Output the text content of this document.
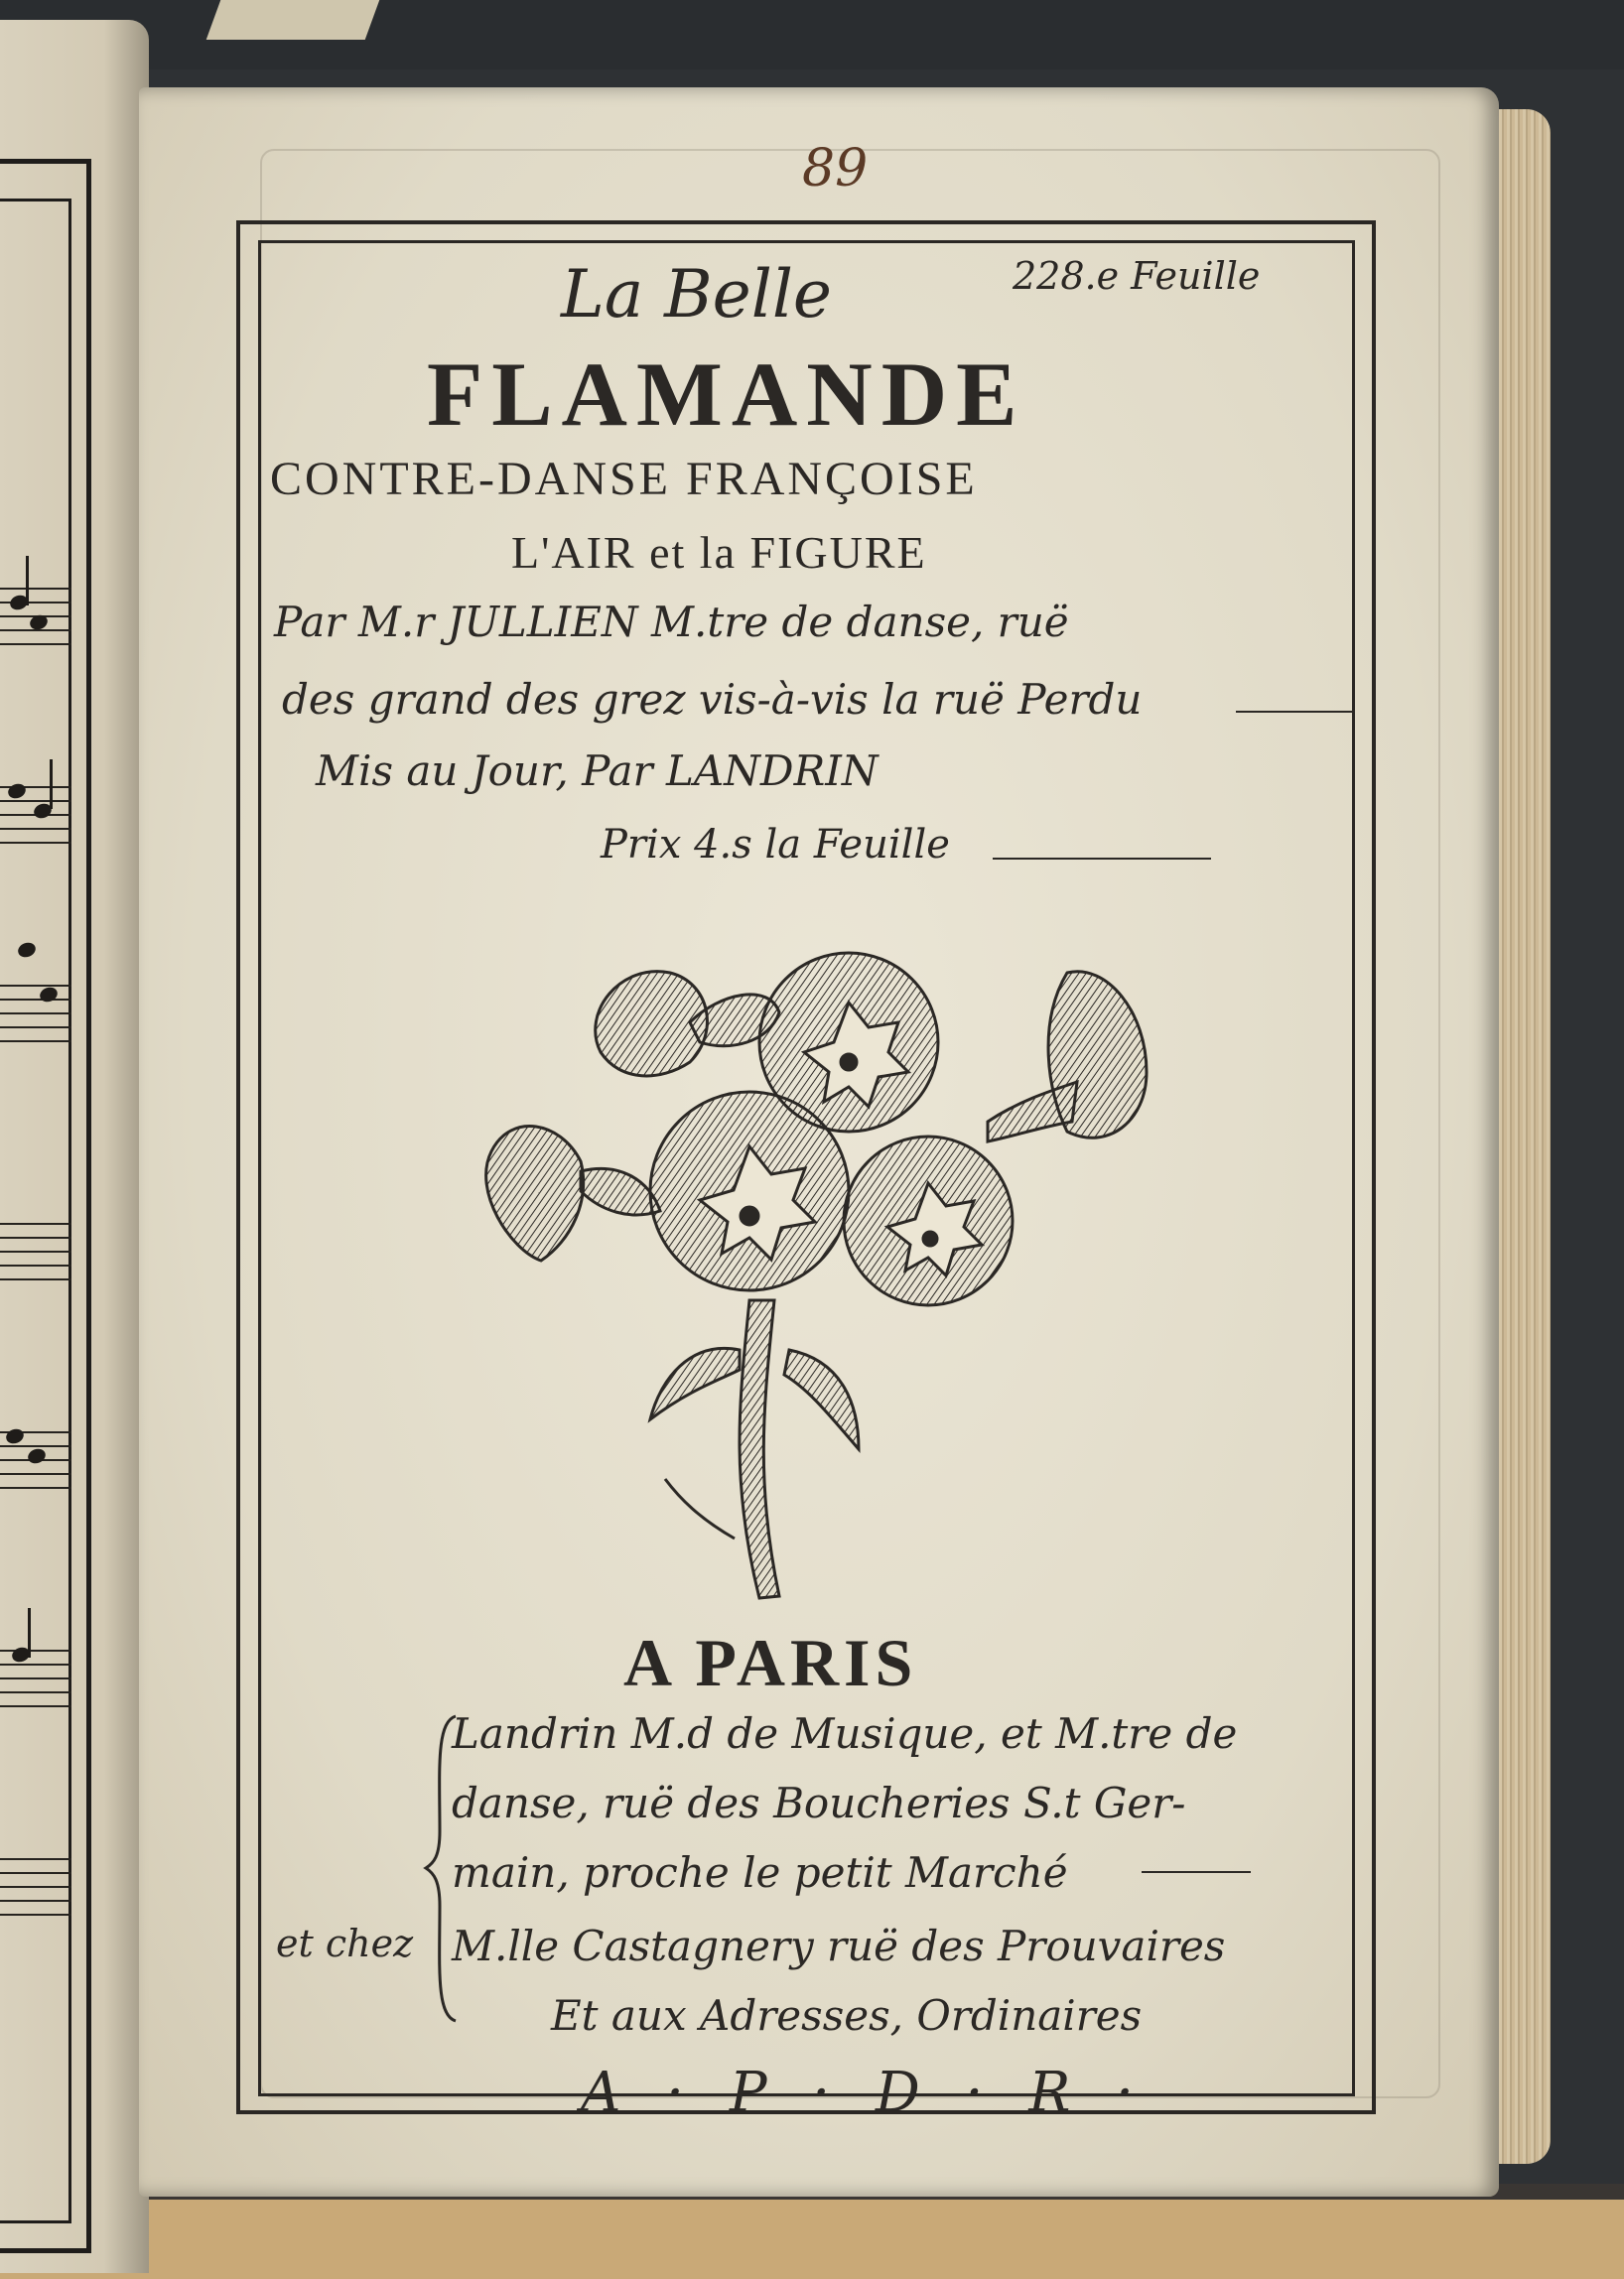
89
La Belle	228.e Feuille
FLAMANDE
CONTRE-DANSE FRANÇOISE
L'AIR et la FIGURE
Par M.r JULLIEN M.tre de danse, ruë
des grand des grez vis-à-vis la ruë Perdu
Mis au Jour, Par LANDRIN
Prix 4.s la Feuille
A PARIS
Landrin M.d de Musique, et M.tre de
danse, ruë des Boucheries S.t Ger-
main, proche le petit Marché
et chez M.lle Castagnery ruë des Prouvaires
Et aux Adresses, Ordinaires
A · P · D · R ·
